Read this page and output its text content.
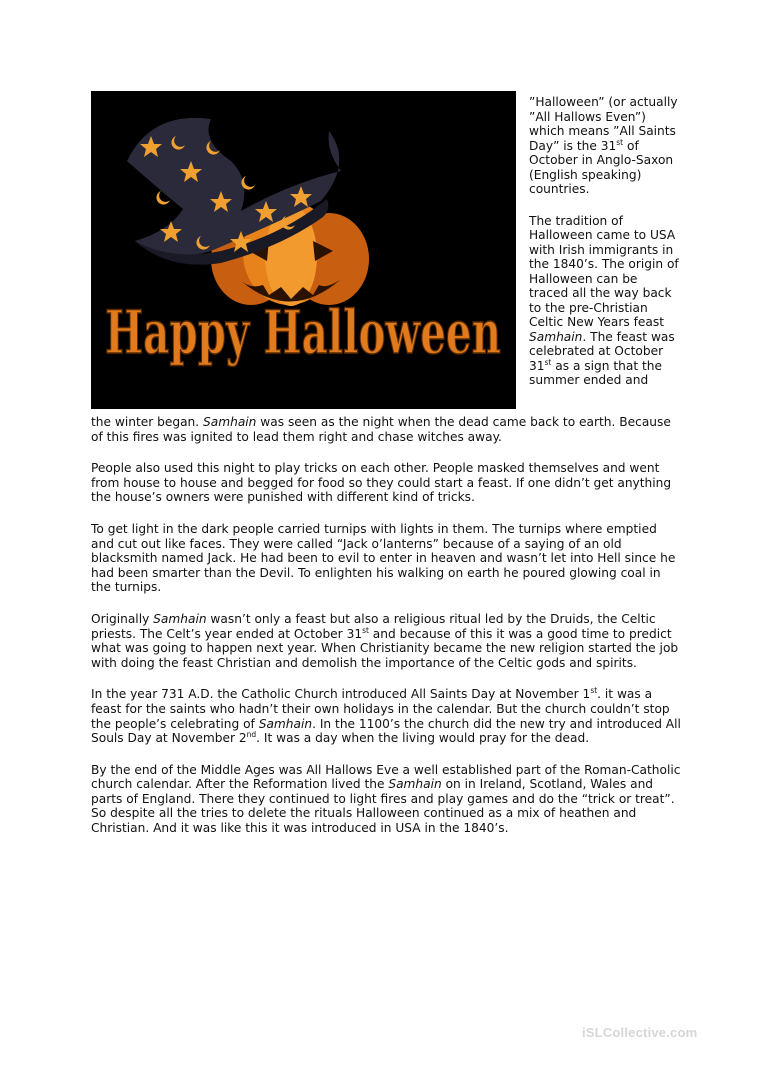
Happy Halloween

”Halloween” (or actually ”All Hallows Even”) which means ”All Saints Day” is the 31st of October in Anglo-Saxon (English speaking) countries.

The tradition of Halloween came to USA with Irish immigrants in the 1840’s. The origin of Halloween can be traced all the way back to the pre-Christian Celtic New Years feast Samhain. The feast was celebrated at October 31st as a sign that the summer ended and

the winter began. Samhain was seen as the night when the dead came back to earth. Because of this fires was ignited to lead them right and chase witches away.

People also used this night to play tricks on each other. People masked themselves and went from house to house and begged for food so they could start a feast. If one didn’t get anything the house’s owners were punished with different kind of tricks.

To get light in the dark people carried turnips with lights in them. The turnips where emptied and cut out like faces. They were called “Jack o’lanterns” because of a saying of an old blacksmith named Jack. He had been to evil to enter in heaven and wasn’t let into Hell since he had been smarter than the Devil. To enlighten his walking on earth he poured glowing coal in the turnips.

Originally Samhain wasn’t only a feast but also a religious ritual led by the Druids, the Celtic priests. The Celt’s year ended at October 31st and because of this it was a good time to predict what was going to happen next year. When Christianity became the new religion started the job with doing the feast Christian and demolish the importance of the Celtic gods and spirits.

In the year 731 A.D. the Catholic Church introduced All Saints Day at November 1st. it was a feast for the saints who hadn’t their own holidays in the calendar. But the church couldn’t stop the people’s celebrating of Samhain. In the 1100’s the church did the new try and introduced All Souls Day at November 2nd. It was a day when the living would pray for the dead.

By the end of the Middle Ages was All Hallows Eve a well established part of the Roman-Catholic church calendar. After the Reformation lived the Samhain on in Ireland, Scotland, Wales and parts of England. There they continued to light fires and play games and do the “trick or treat”. So despite all the tries to delete the rituals Halloween continued as a mix of heathen and Christian. And it was like this it was introduced in USA in the 1840’s.

iSLCollective.com
